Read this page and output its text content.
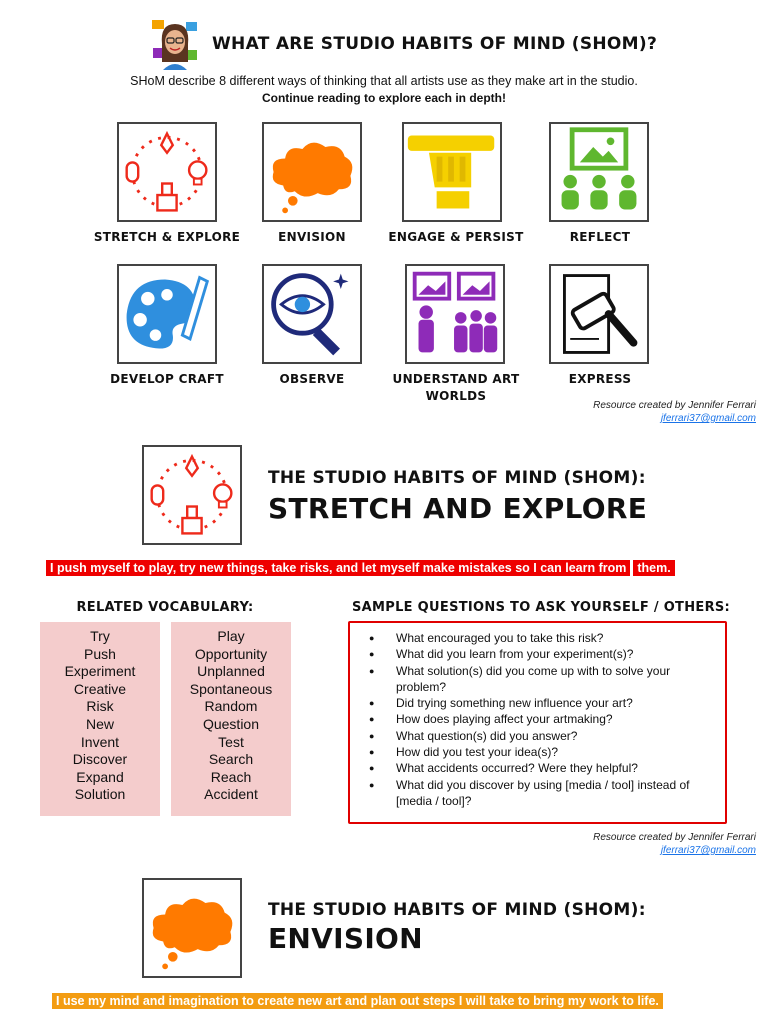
WHAT ARE STUDIO HABITS OF MIND (SHOM)?
SHoM describe 8 different ways of thinking that all artists use as they make art in the studio.
Continue reading to explore each in depth!
STRETCH & EXPLORE	ENVISION	ENGAGE & PERSIST	REFLECT
DEVELOP CRAFT	OBSERVE	UNDERSTAND ART WORLDS
EXPRESS
Resource created by Jennifer Ferrari
jferrari37@gmail.com
THE STUDIO HABITS OF MIND (SHOM):
STRETCH AND EXPLORE
I push myself to play, try new things, take risks, and let myself make mistakes so I can learn from them.
RELATED VOCABULARY:	SAMPLE QUESTIONS TO ASK YOURSELF / OTHERS:
Try
Push
Experiment
Creative
Risk
New
Invent
Discover
Expand
Solution
Play
Opportunity
Unplanned
Spontaneous
Random
Question
Test
Search
Reach
Accident
● What encouraged you to take this risk?
● What did you learn from your experiment(s)?
● What solution(s) did you come up with to solve your problem?
● Did trying something new influence your art?
● How does playing affect your artmaking?
● What question(s) did you answer?
● How did you test your idea(s)?
● What accidents occurred? Were they helpful?
● What did you discover by using [media / tool] instead of [media / tool]?
Resource created by Jennifer Ferrari
jferrari37@gmail.com
THE STUDIO HABITS OF MIND (SHOM):
ENVISION
I use my mind and imagination to create new art and plan out steps I will take to bring my work to life.
